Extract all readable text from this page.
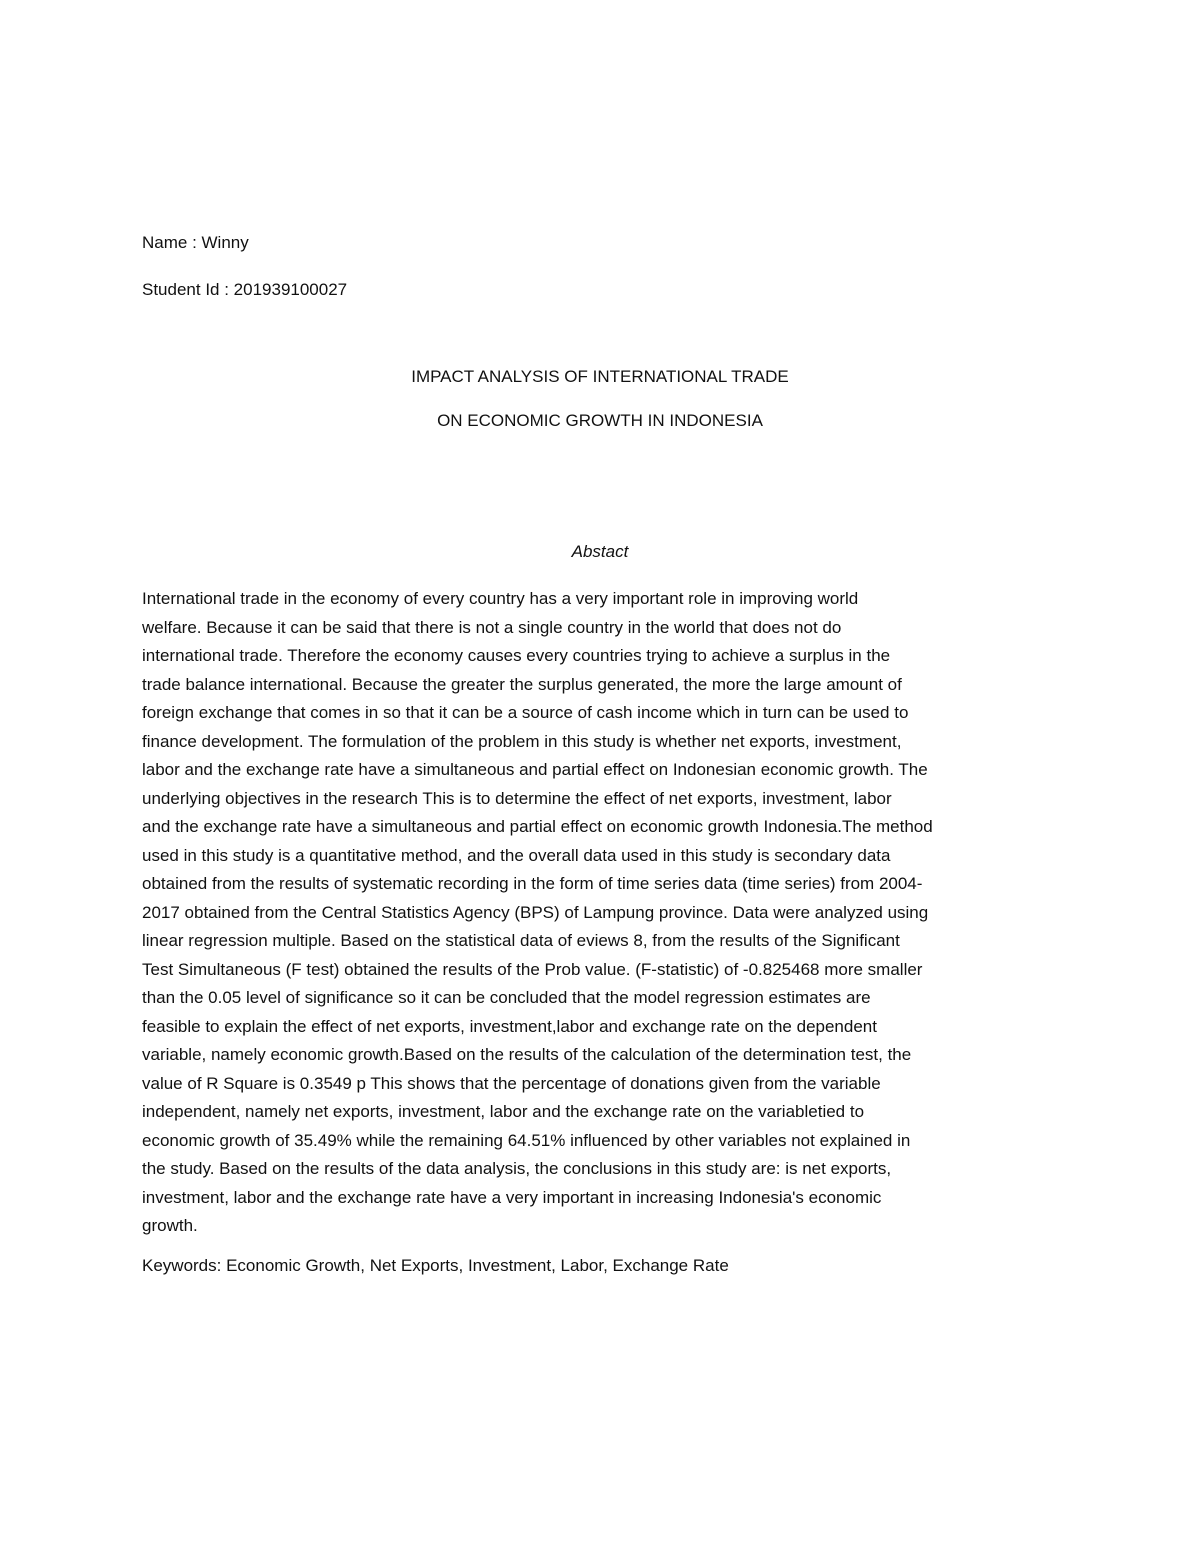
Name : Winny
Student Id : 201939100027
IMPACT ANALYSIS OF INTERNATIONAL TRADE
ON ECONOMIC GROWTH IN INDONESIA
Abstact
International trade in the economy of every country has a very important role in improving world
welfare. Because it can be said that there is not a single country in the world that does not do
international trade. Therefore the economy causes every countries trying to achieve a surplus in the
trade balance international. Because the greater the surplus generated, the more the large amount of
foreign exchange that comes in so that it can be a source of cash income which in turn can be used to
finance development. The formulation of the problem in this study is whether net exports, investment,
labor and the exchange rate have a simultaneous and partial effect on Indonesian economic growth. The
underlying objectives in the research This is to determine the effect of net exports, investment, labor
and the exchange rate have a simultaneous and partial effect on economic growth Indonesia.The method
used in this study is a quantitative method, and the overall data used in this study is secondary data
obtained from the results of systematic recording in the form of time series data (time series) from 2004-
2017 obtained from the Central Statistics Agency (BPS) of Lampung province. Data were analyzed using
linear regression multiple. Based on the statistical data of eviews 8, from the results of the Significant
Test Simultaneous (F test) obtained the results of the Prob value. (F-statistic) of -0.825468 more smaller
than the 0.05 level of significance so it can be concluded that the model regression estimates are
feasible to explain the effect of net exports, investment,labor and exchange rate on the dependent
variable, namely economic growth.Based on the results of the calculation of the determination test, the
value of R Square is 0.3549 p This shows that the percentage of donations given from the variable
independent, namely net exports, investment, labor and the exchange rate on the variabletied to
economic growth of 35.49% while the remaining 64.51% influenced by other variables not explained in
the study. Based on the results of the data analysis, the conclusions in this study are: is net exports,
investment, labor and the exchange rate have a very important in increasing Indonesia's economic
growth.
Keywords: Economic Growth, Net Exports, Investment, Labor, Exchange Rate
